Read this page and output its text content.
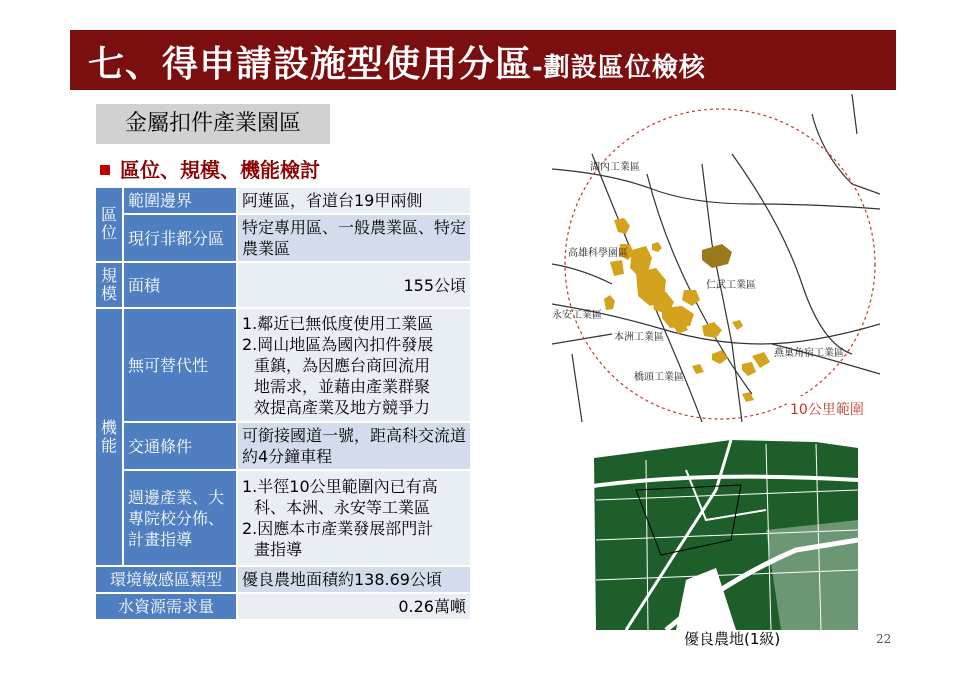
七、得申請設施型使用分區-劃設區位檢核
金屬扣件產業園區
區位、規模、機能檢討
區位	範圍邊界	阿蓮區，省道台19甲兩側
	現行非都分區	特定專用區、一般農業區、特定農業區
規模	面積	155公頃
機能	無可替代性	1.鄰近已無低度使用工業區
2.岡山地區為國內扣件發展
重鎮，為因應台商回流用
地需求，並藉由產業群聚
效提高產業及地方競爭力

	交通條件	可銜接國道一號，距高科交流道約4分鐘車程
	週邊產業、大專院校分佈、計畫指導	1.半徑10公里範圍內已有高
科、本洲、永安等工業區
2.因應本市產業發展部門計
畫指導

環境敏感區類型		優良農地面積約138.69公頃
水資源需求量		0.26萬噸
湖內工業區
高雄科學園區
永安工業區
本洲工業區
仁武工業區
橋頭工業區
燕巢角宿工業區
10公里範圍
優良農地(1級)	22
